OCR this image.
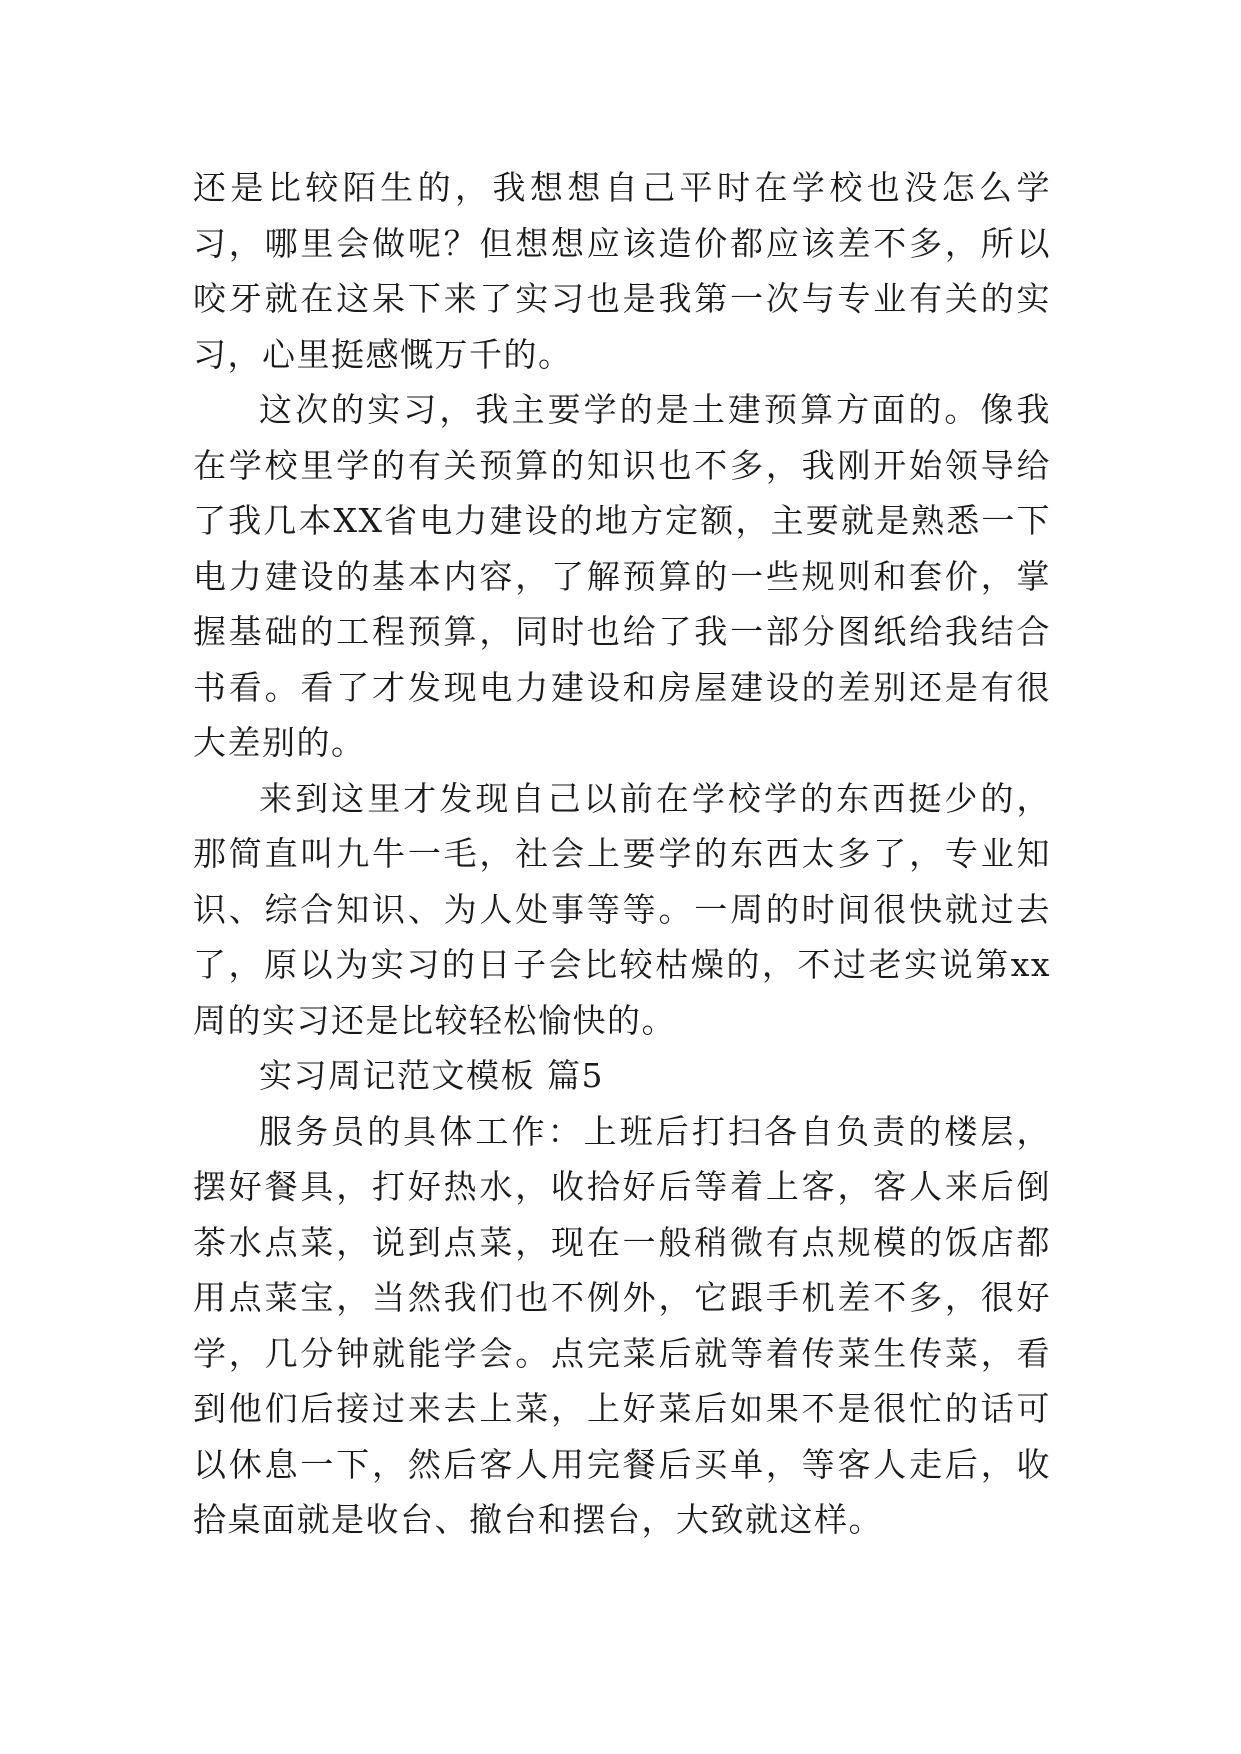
还是比较陌生的，我想想自己平时在学校也没怎么学习，哪里会做呢？但想想应该造价都应该差不多，所以咬牙就在这呆下来了实习也是我第一次与专业有关的实习，心里挺感慨万千的。

这次的实习，我主要学的是土建预算方面的。像我在学校里学的有关预算的知识也不多，我刚开始领导给了我几本XX省电力建设的地方定额，主要就是熟悉一下电力建设的基本内容，了解预算的一些规则和套价，掌握基础的工程预算，同时也给了我一部分图纸给我结合书看。看了才发现电力建设和房屋建设的差别还是有很大差别的。

来到这里才发现自己以前在学校学的东西挺少的，那简直叫九牛一毛，社会上要学的东西太多了，专业知识、综合知识、为人处事等等。一周的时间很快就过去了，原以为实习的日子会比较枯燥的，不过老实说第xx周的实习还是比较轻松愉快的。

实习周记范文模板 篇5

服务员的具体工作：上班后打扫各自负责的楼层，摆好餐具，打好热水，收拾好后等着上客，客人来后倒茶水点菜，说到点菜，现在一般稍微有点规模的饭店都用点菜宝，当然我们也不例外，它跟手机差不多，很好学，几分钟就能学会。点完菜后就等着传菜生传菜，看到他们后接过来去上菜，上好菜后如果不是很忙的话可以休息一下，然后客人用完餐后买单，等客人走后，收拾桌面就是收台、撤台和摆台，大致就这样。
